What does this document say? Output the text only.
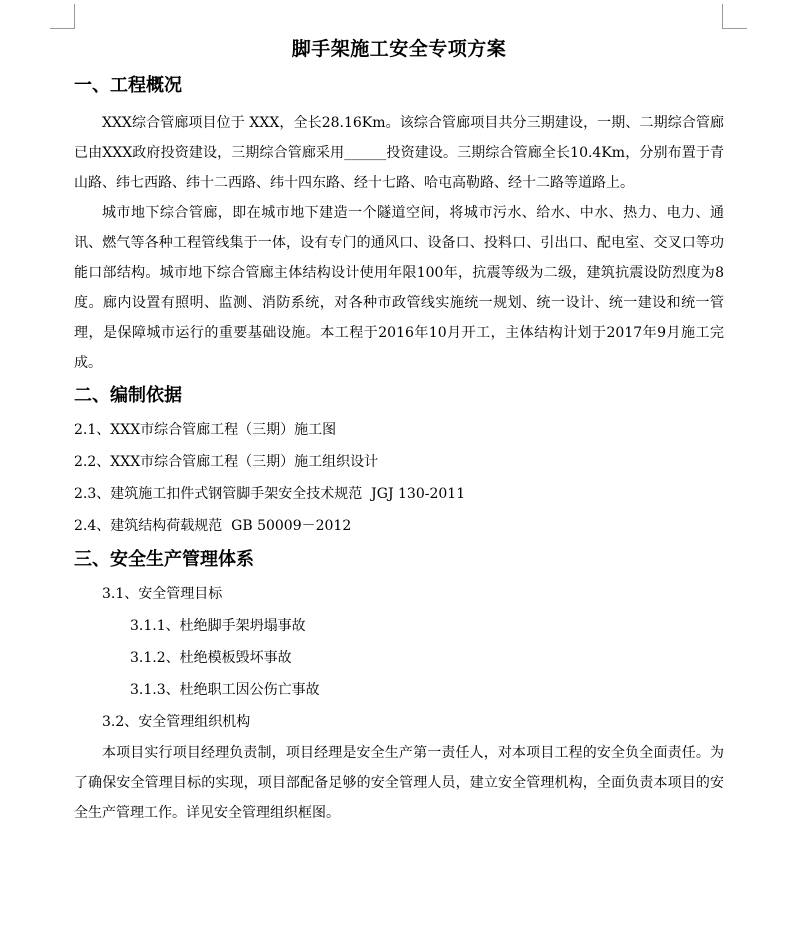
脚手架施工安全专项方案
一、工程概况

XXX综合管廊项目位于 XXX，全长28.16Km。该综合管廊项目共分三期建设，一期、二期综合管廊已由XXX政府投资建设，三期综合管廊采用______投资建设。三期综合管廊全长10.4Km，分别布置于青山路、纬七西路、纬十二西路、纬十四东路、经十七路、哈屯高勒路、经十二路等道路上。

城市地下综合管廊，即在城市地下建造一个隧道空间，将城市污水、给水、中水、热力、电力、通讯、燃气等各种工程管线集于一体，设有专门的通风口、设备口、投料口、引出口、配电室、交叉口等功能口部结构。城市地下综合管廊主体结构设计使用年限100年，抗震等级为二级，建筑抗震设防烈度为8度。廊内设置有照明、监测、消防系统，对各种市政管线实施统一规划、统一设计、统一建设和统一管理，是保障城市运行的重要基础设施。本工程于2016年10月开工，主体结构计划于2017年9月施工完成。

二、编制依据

2.1、XXX市综合管廊工程（三期）施工图

2.2、XXX市综合管廊工程（三期）施工组织设计

2.3、建筑施工扣件式钢管脚手架安全技术规范  JGJ 130-2011

2.4、建筑结构荷载规范  GB 50009－2012

三、安全生产管理体系

3.1、安全管理目标

3.1.1、杜绝脚手架坍塌事故

3.1.2、杜绝模板毁坏事故

3.1.3、杜绝职工因公伤亡事故

3.2、安全管理组织机构

本项目实行项目经理负责制，项目经理是安全生产第一责任人，对本项目工程的安全负全面责任。为了确保安全管理目标的实现，项目部配备足够的安全管理人员，建立安全管理机构，全面负责本项目的安全生产管理工作。详见安全管理组织框图。
